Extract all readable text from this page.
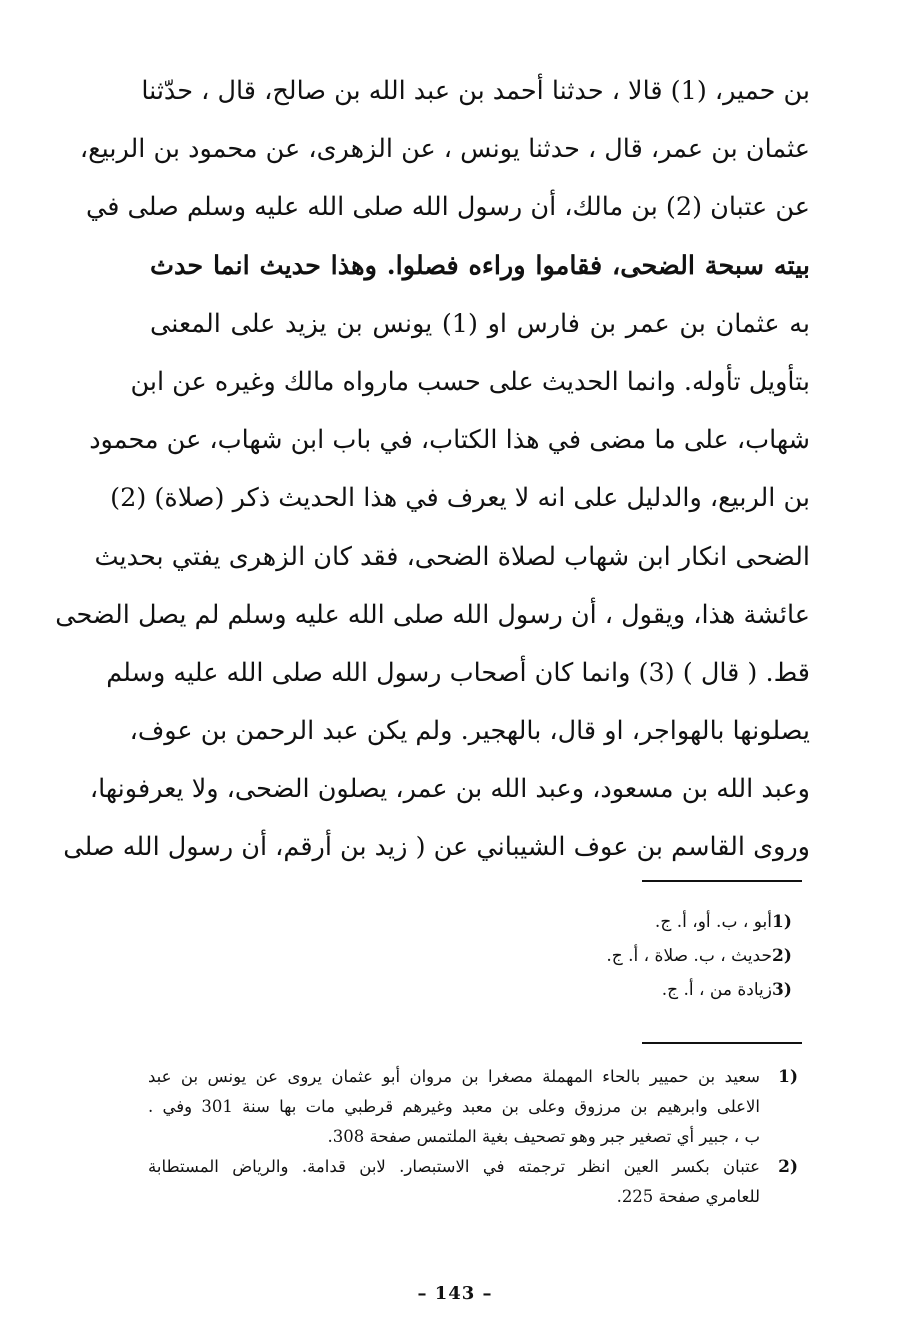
بن حمير، (1) قالا ، حدثنا أحمد بن عبد الله بن صالح، قال ، حدّثنا
عثمان بن عمر، قال ، حدثنا يونس ، عن الزهرى، عن محمود بن الربيع،
عن عتبان (2) بن مالك، أن رسول الله صلى الله عليه وسلم صلى في
بيته سبحة الضحى، فقاموا وراءه فصلوا. وهذا حديث انما حدث
به عثمان بن عمر بن فارس او (1) يونس بن يزيد على المعنى
بتأويل تأوله. وانما الحديث على حسب مارواه مالك وغيره عن ابن
شهاب، على ما مضى في هذا الكتاب، في باب ابن شهاب، عن محمود
بن الربيع، والدليل على انه لا يعرف في هذا الحديث ذكر (صلاة) (2)
الضحى انكار ابن شهاب لصلاة الضحى، فقد كان الزهرى يفتي بحديث
عائشة هذا، ويقول ، أن رسول الله صلى الله عليه وسلم لم يصل الضحى
قط. ( قال ) (3) وانما كان أصحاب رسول الله صلى الله عليه وسلم
يصلونها بالهواجر، او قال، بالهجير. ولم يكن عبد الرحمن بن عوف،
وعبد الله بن مسعود، وعبد الله بن عمر، يصلون الضحى، ولا يعرفونها،
وروى القاسم بن عوف الشيباني عن ( زيد بن أرقم، أن رسول الله صلى
1)
أبو ، ب. أو، أ. ج.
2)
حديث ، ب. صلاة ، أ. ج.
3)
زيادة من ، أ. ج.
1)
سعيد بن حميير بالحاء المهملة مصغرا بن مروان أبو عثمان يروى عن يونس بن عبد
الاعلى وابرهيم بن مرزوق وعلى بن معبد وغيرهم قرطبي مات بها سنة 301 وفي .
ب ، جبير أي تصغير جبر وهو تصحيف بغية الملتمس صفحة 308.
2)
عتبان بكسر العين انظر ترجمته في الاستبصار. لابن قدامة. والرياض المستطابة
للعامري صفحة 225.
– 143 –
